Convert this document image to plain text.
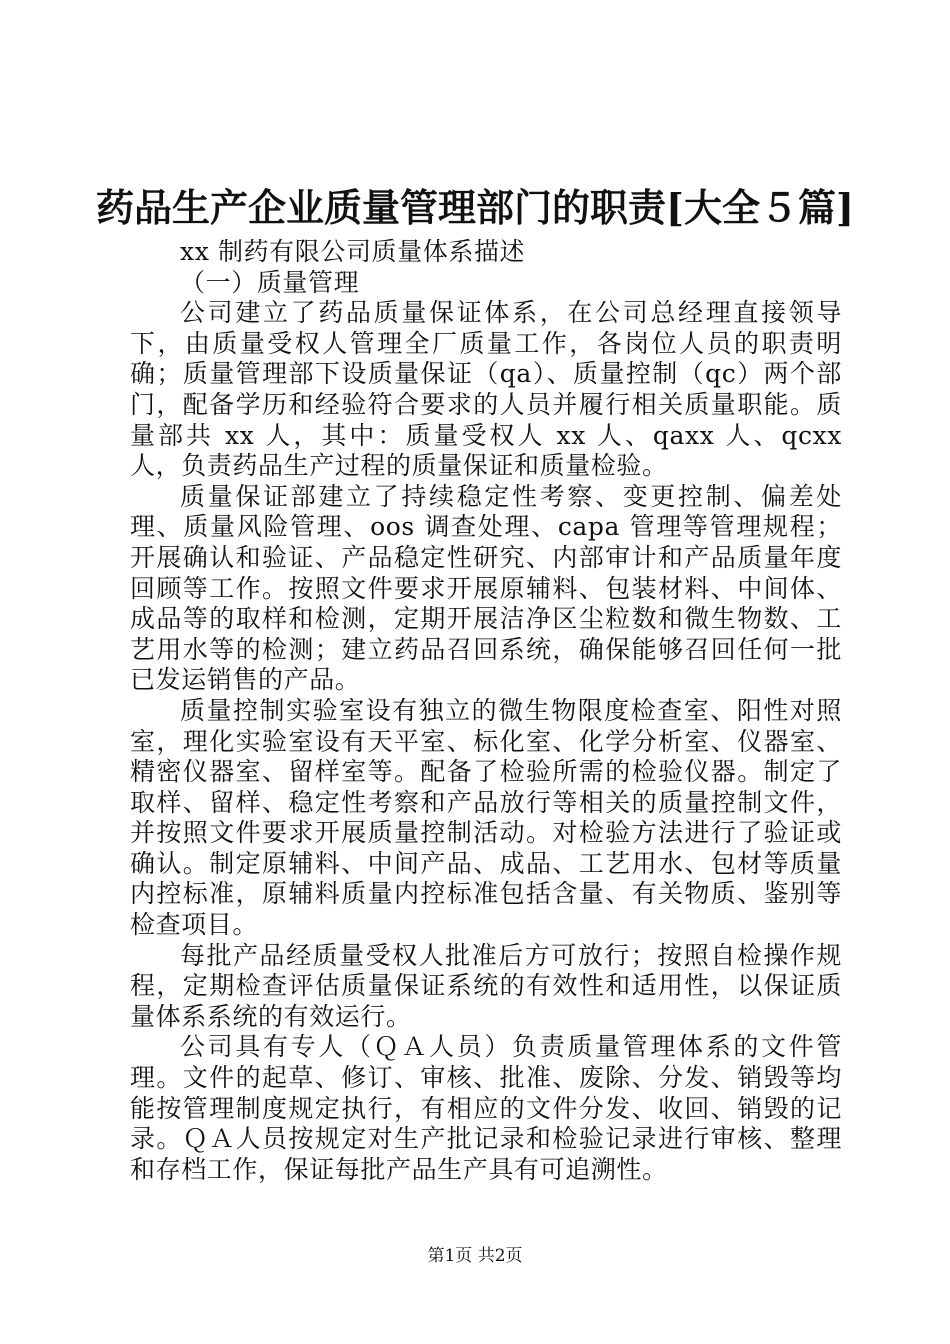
药品生产企业质量管理部门的职责[大全５篇]

xx 制药有限公司质量体系描述

（一）质量管理

公司建立了药品质量保证体系，在公司总经理直接领导下，由质量受权人管理全厂质量工作，各岗位人员的职责明确；质量管理部下设质量保证（qa）、质量控制（qc）两个部门，配备学历和经验符合要求的人员并履行相关质量职能。质量部共 xx 人，其中：质量受权人 xx 人、qaxx 人、qcxx 人，负责药品生产过程的质量保证和质量检验。

质量保证部建立了持续稳定性考察、变更控制、偏差处理、质量风险管理、oos 调查处理、capa 管理等管理规程；开展确认和验证、产品稳定性研究、内部审计和产品质量年度回顾等工作。按照文件要求开展原辅料、包装材料、中间体、成品等的取样和检测，定期开展洁净区尘粒数和微生物数、工艺用水等的检测；建立药品召回系统，确保能够召回任何一批已发运销售的产品。

质量控制实验室设有独立的微生物限度检查室、阳性对照室，理化实验室设有天平室、标化室、化学分析室、仪器室、精密仪器室、留样室等。配备了检验所需的检验仪器。制定了取样、留样、稳定性考察和产品放行等相关的质量控制文件，并按照文件要求开展质量控制活动。对检验方法进行了验证或确认。制定原辅料、中间产品、成品、工艺用水、包材等质量内控标准，原辅料质量内控标准包括含量、有关物质、鉴别等检查项目。

每批产品经质量受权人批准后方可放行；按照自检操作规程，定期检查评估质量保证系统的有效性和适用性，以保证质量体系系统的有效运行。

公司具有专人（ＱＡ人员）负责质量管理体系的文件管理。文件的起草、修订、审核、批准、废除、分发、销毁等均能按管理制度规定执行，有相应的文件分发、收回、销毁的记录。ＱＡ人员按规定对生产批记录和检验记录进行审核、整理和存档工作，保证每批产品生产具有可追溯性。

第1页 共2页
